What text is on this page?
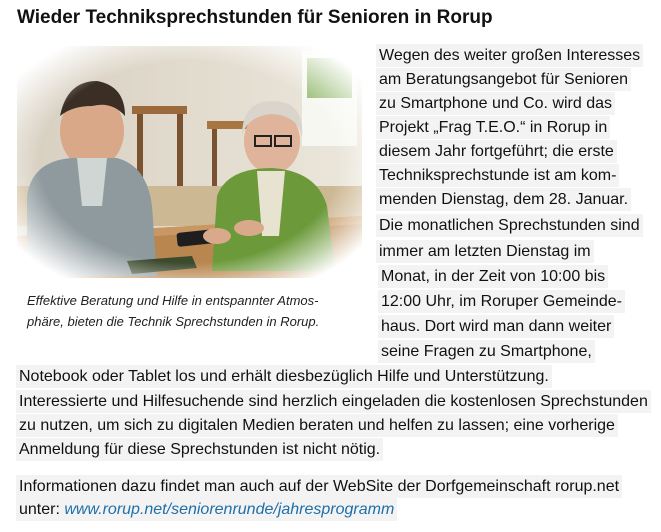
Wieder Techniksprechstunden für Senioren in Rorup
Effektive Beratung und Hilfe in entspannter Atmos-
phäre, bieten die Technik Sprechstunden in Rorup.

Wegen des weiter großen Interesses

am Beratungsangebot für Senioren

zu Smartphone und Co. wird das

Projekt „Frag T.E.O.“ in Rorup in

diesem Jahr fortgeführt; die erste

Techniksprechstunde ist am kom-

menden Dienstag, dem 28. Januar.

Die monatlichen Sprechstunden sind

immer am letzten Dienstag im

Monat, in der Zeit von 10:00 bis

12:00 Uhr, im Roruper Gemeinde-

haus. Dort wird man dann weiter

seine Fragen zu Smartphone,

Notebook oder Tablet los und erhält diesbezüglich Hilfe und Unterstützung.

Interessierte und Hilfesuchende sind herzlich eingeladen die kostenlosen Sprechstunden

zu nutzen, um sich zu digitalen Medien beraten und helfen zu lassen; eine vorherige

Anmeldung für diese Sprechstunden ist nicht nötig.

Informationen dazu findet man auch auf der WebSite der Dorfgemeinschaft rorup.net

unter: www.rorup.net/seniorenrunde/jahresprogramm
